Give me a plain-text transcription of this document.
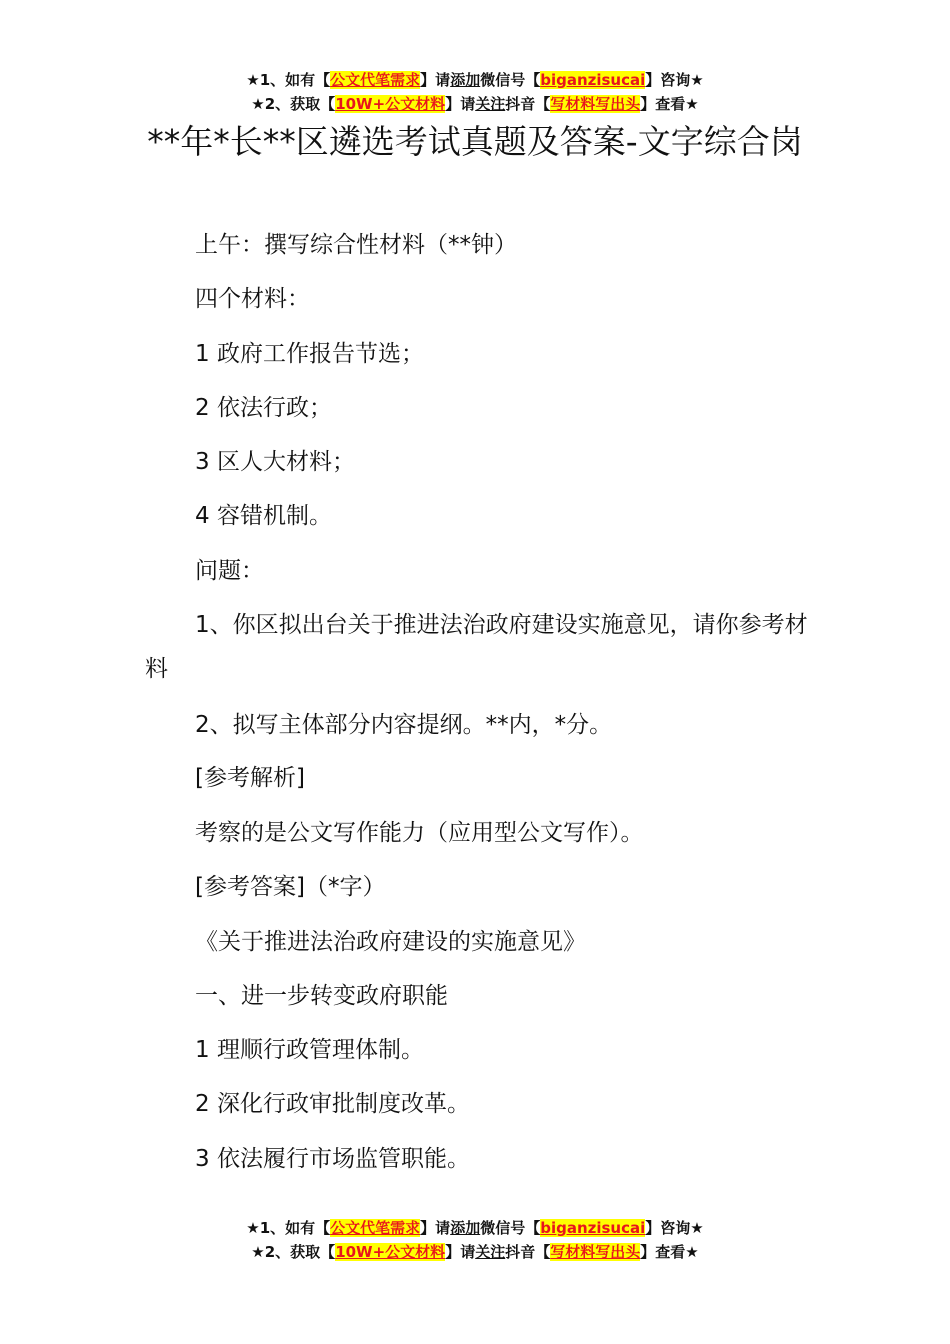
★1、如有【公文代笔需求】请添加微信号【biganzisucai】咨询★
★2、获取【10W+公文材料】请关注抖音【写材料写出头】查看★
**年*长**区遴选考试真题及答案-文字综合岗
上午：撰写综合性材料（**钟）
四个材料：
1 政府工作报告节选；
2 依法行政；
3 区人大材料；
4 容错机制。
问题：
1、你区拟出台关于推进法治政府建设实施意见，请你参考材料
2、拟写主体部分内容提纲。**内，*分。
[参考解析]
考察的是公文写作能力（应用型公文写作）。
[参考答案]（*字）
《关于推进法治政府建设的实施意见》
一、进一步转变政府职能
1 理顺行政管理体制。
2 深化行政审批制度改革。
3 依法履行市场监管职能。
★1、如有【公文代笔需求】请添加微信号【biganzisucai】咨询★
★2、获取【10W+公文材料】请关注抖音【写材料写出头】查看★
